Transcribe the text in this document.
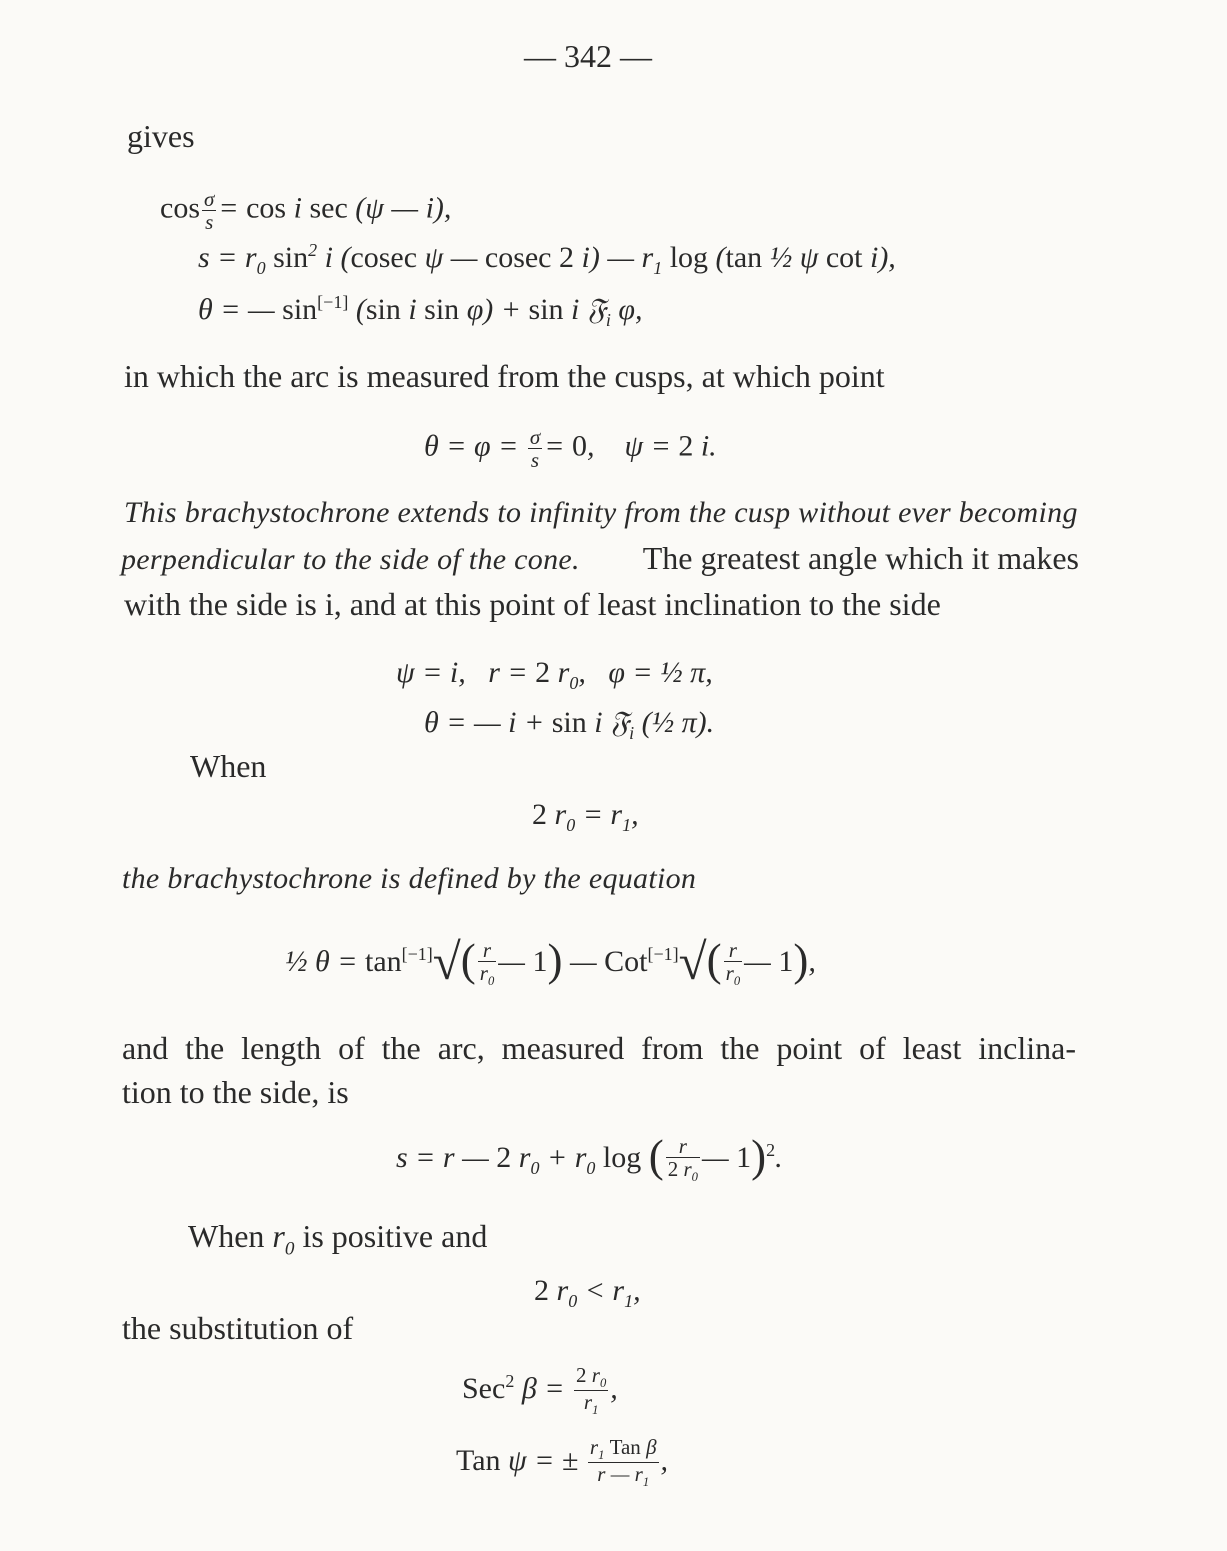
— 342 —
gives
$\cos \frac{\sigma}{s} = \cos i$ sec (ψ — i),
$s = r_0$ $\sin^2 i$ (cosec ψ — cosec 2 i) — $r_1$ log (tan ½ ψ cot i),
θ = — sin[−1] (sin i sin φ) + sin i 𝔉$_i$ φ,
in which the arc is measured from the cusps, at which point
$\theta = \varphi = \frac{\sigma}{s} = 0$,    ψ = 2 i.
This brachystochrone extends to infinity from the cusp without ever becoming
perpendicular to the side of the cone. The greatest angle which it makes
with the side is i, and at this point of least inclination to the side
ψ = i,   r = 2 $r_0$,   φ = ½ π,
θ = — i + sin i 𝔉$_i$ (½ π).
When
2 $r_0 = r_1$,
the brachystochrone is defined by the equation
½ $\theta = \tan[-1]√( \frac{r}{r_0}$ — 1) — $Cot[-1]√( \frac{r}{r_0}$ — 1),
and the length of the arc, measured from the point of least inclina-
tion to the side, is
s = r — 2 $r_0 + r_0$ log ( $\frac{r}{2 r_0}$ — 1)$^2$.
When $r_0$ is positive and
2 $r_0 < r_1$,
the substitution of
Sec$^2$ $\beta = \frac{2 r_0}{r_1}$ ,
Tan ψ = ± $\frac{r_1 Tan \beta}{r — r_1}$ ,
